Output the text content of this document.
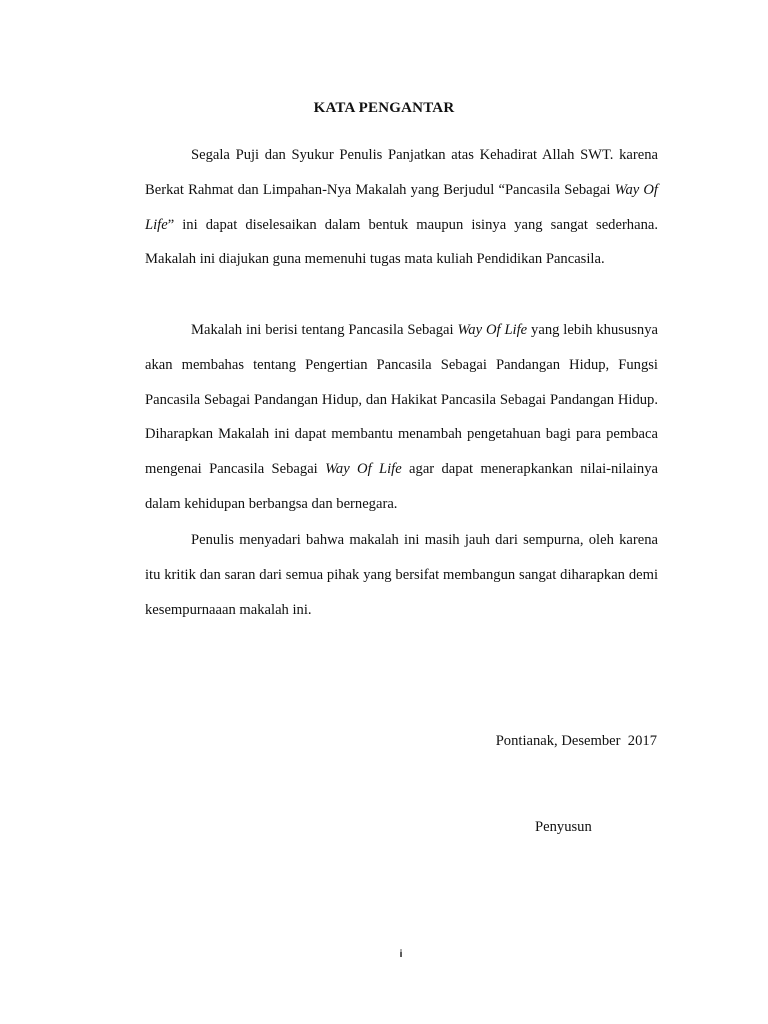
KATA PENGANTAR

Segala Puji dan Syukur Penulis Panjatkan atas Kehadirat Allah SWT. karena Berkat Rahmat dan Limpahan-Nya Makalah yang Berjudul “Pancasila Sebagai Way Of Life” ini dapat diselesaikan dalam bentuk maupun isinya yang sangat sederhana. Makalah ini diajukan guna memenuhi tugas mata kuliah Pendidikan Pancasila.

Makalah ini berisi tentang Pancasila Sebagai Way Of Life yang lebih khususnya akan membahas tentang Pengertian Pancasila Sebagai Pandangan Hidup, Fungsi Pancasila Sebagai Pandangan Hidup, dan Hakikat Pancasila Sebagai Pandangan Hidup. Diharapkan Makalah ini dapat membantu menambah pengetahuan bagi para pembaca mengenai Pancasila Sebagai Way Of Life agar dapat menerapkankan nilai-nilainya dalam kehidupan berbangsa dan bernegara.

Penulis menyadari bahwa makalah ini masih jauh dari sempurna, oleh karena itu kritik dan saran dari semua pihak yang bersifat membangun sangat diharapkan demi kesempurnaaan makalah ini.

Pontianak, Desember  2017
Penyusun
i
